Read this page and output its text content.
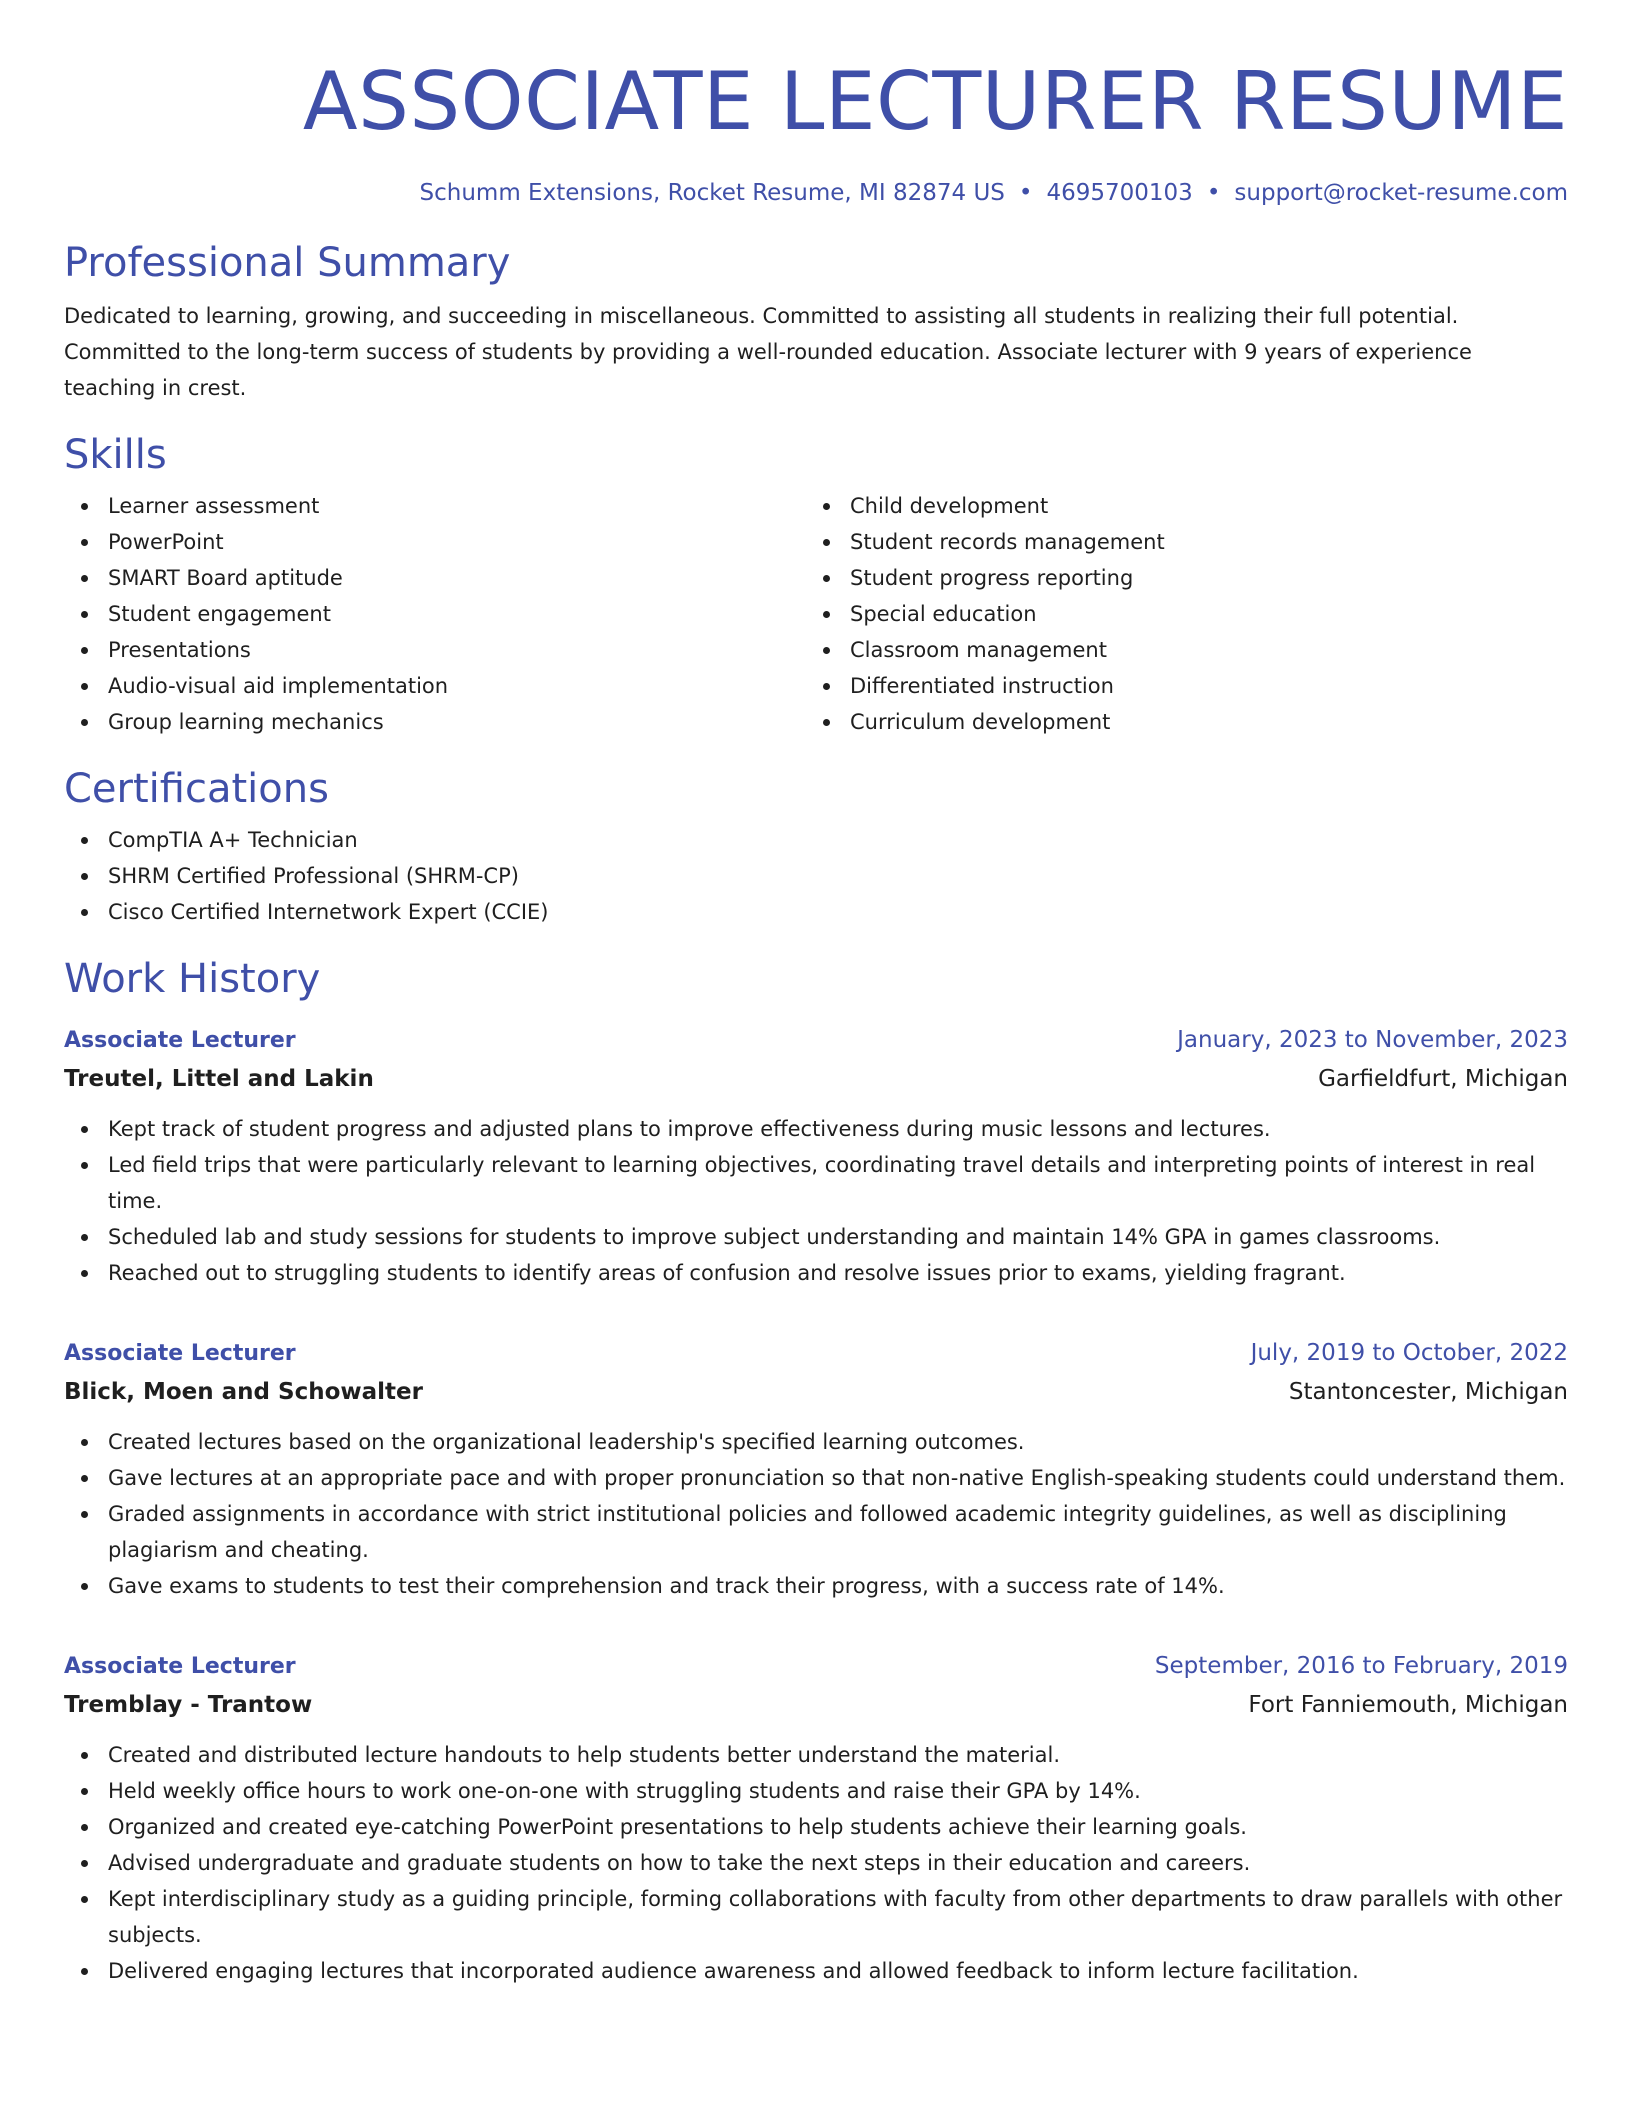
ASSOCIATE LECTURER RESUME
Schumm Extensions, Rocket Resume, MI 82874 US • 4695700103 • support@rocket-resume.com
Professional Summary

Dedicated to learning, growing, and succeeding in miscellaneous. Committed to assisting all students in realizing their full potential. Committed to the long-term success of students by providing a well-rounded education. Associate lecturer with 9 years of experience teaching in crest.

Skills
Learner assessment
PowerPoint
SMART Board aptitude
Student engagement
Presentations
Audio-visual aid implementation
Group learning mechanics
Child development
Student records management
Student progress reporting
Special education
Classroom management
Differentiated instruction
Curriculum development
Certifications
CompTIA A+ Technician
SHRM Certified Professional (SHRM-CP)
Cisco Certified Internetwork Expert (CCIE)
Work History
Associate Lecturer	January, 2023 to November, 2023
Treutel, Littel and Lakin	Garfieldfurt, Michigan
Kept track of student progress and adjusted plans to improve effectiveness during music lessons and lectures.
Led field trips that were particularly relevant to learning objectives, coordinating travel details and interpreting points of interest in real time.
Scheduled lab and study sessions for students to improve subject understanding and maintain 14% GPA in games classrooms.
Reached out to struggling students to identify areas of confusion and resolve issues prior to exams, yielding fragrant.
Associate Lecturer	July, 2019 to October, 2022
Blick, Moen and Schowalter	Stantoncester, Michigan
Created lectures based on the organizational leadership's specified learning outcomes.
Gave lectures at an appropriate pace and with proper pronunciation so that non-native English-speaking students could understand them.
Graded assignments in accordance with strict institutional policies and followed academic integrity guidelines, as well as disciplining plagiarism and cheating.
Gave exams to students to test their comprehension and track their progress, with a success rate of 14%.
Associate Lecturer	September, 2016 to February, 2019
Tremblay - Trantow	Fort Fanniemouth, Michigan
Created and distributed lecture handouts to help students better understand the material.
Held weekly office hours to work one-on-one with struggling students and raise their GPA by 14%.
Organized and created eye-catching PowerPoint presentations to help students achieve their learning goals.
Advised undergraduate and graduate students on how to take the next steps in their education and careers.
Kept interdisciplinary study as a guiding principle, forming collaborations with faculty from other departments to draw parallels with other subjects.
Delivered engaging lectures that incorporated audience awareness and allowed feedback to inform lecture facilitation.
